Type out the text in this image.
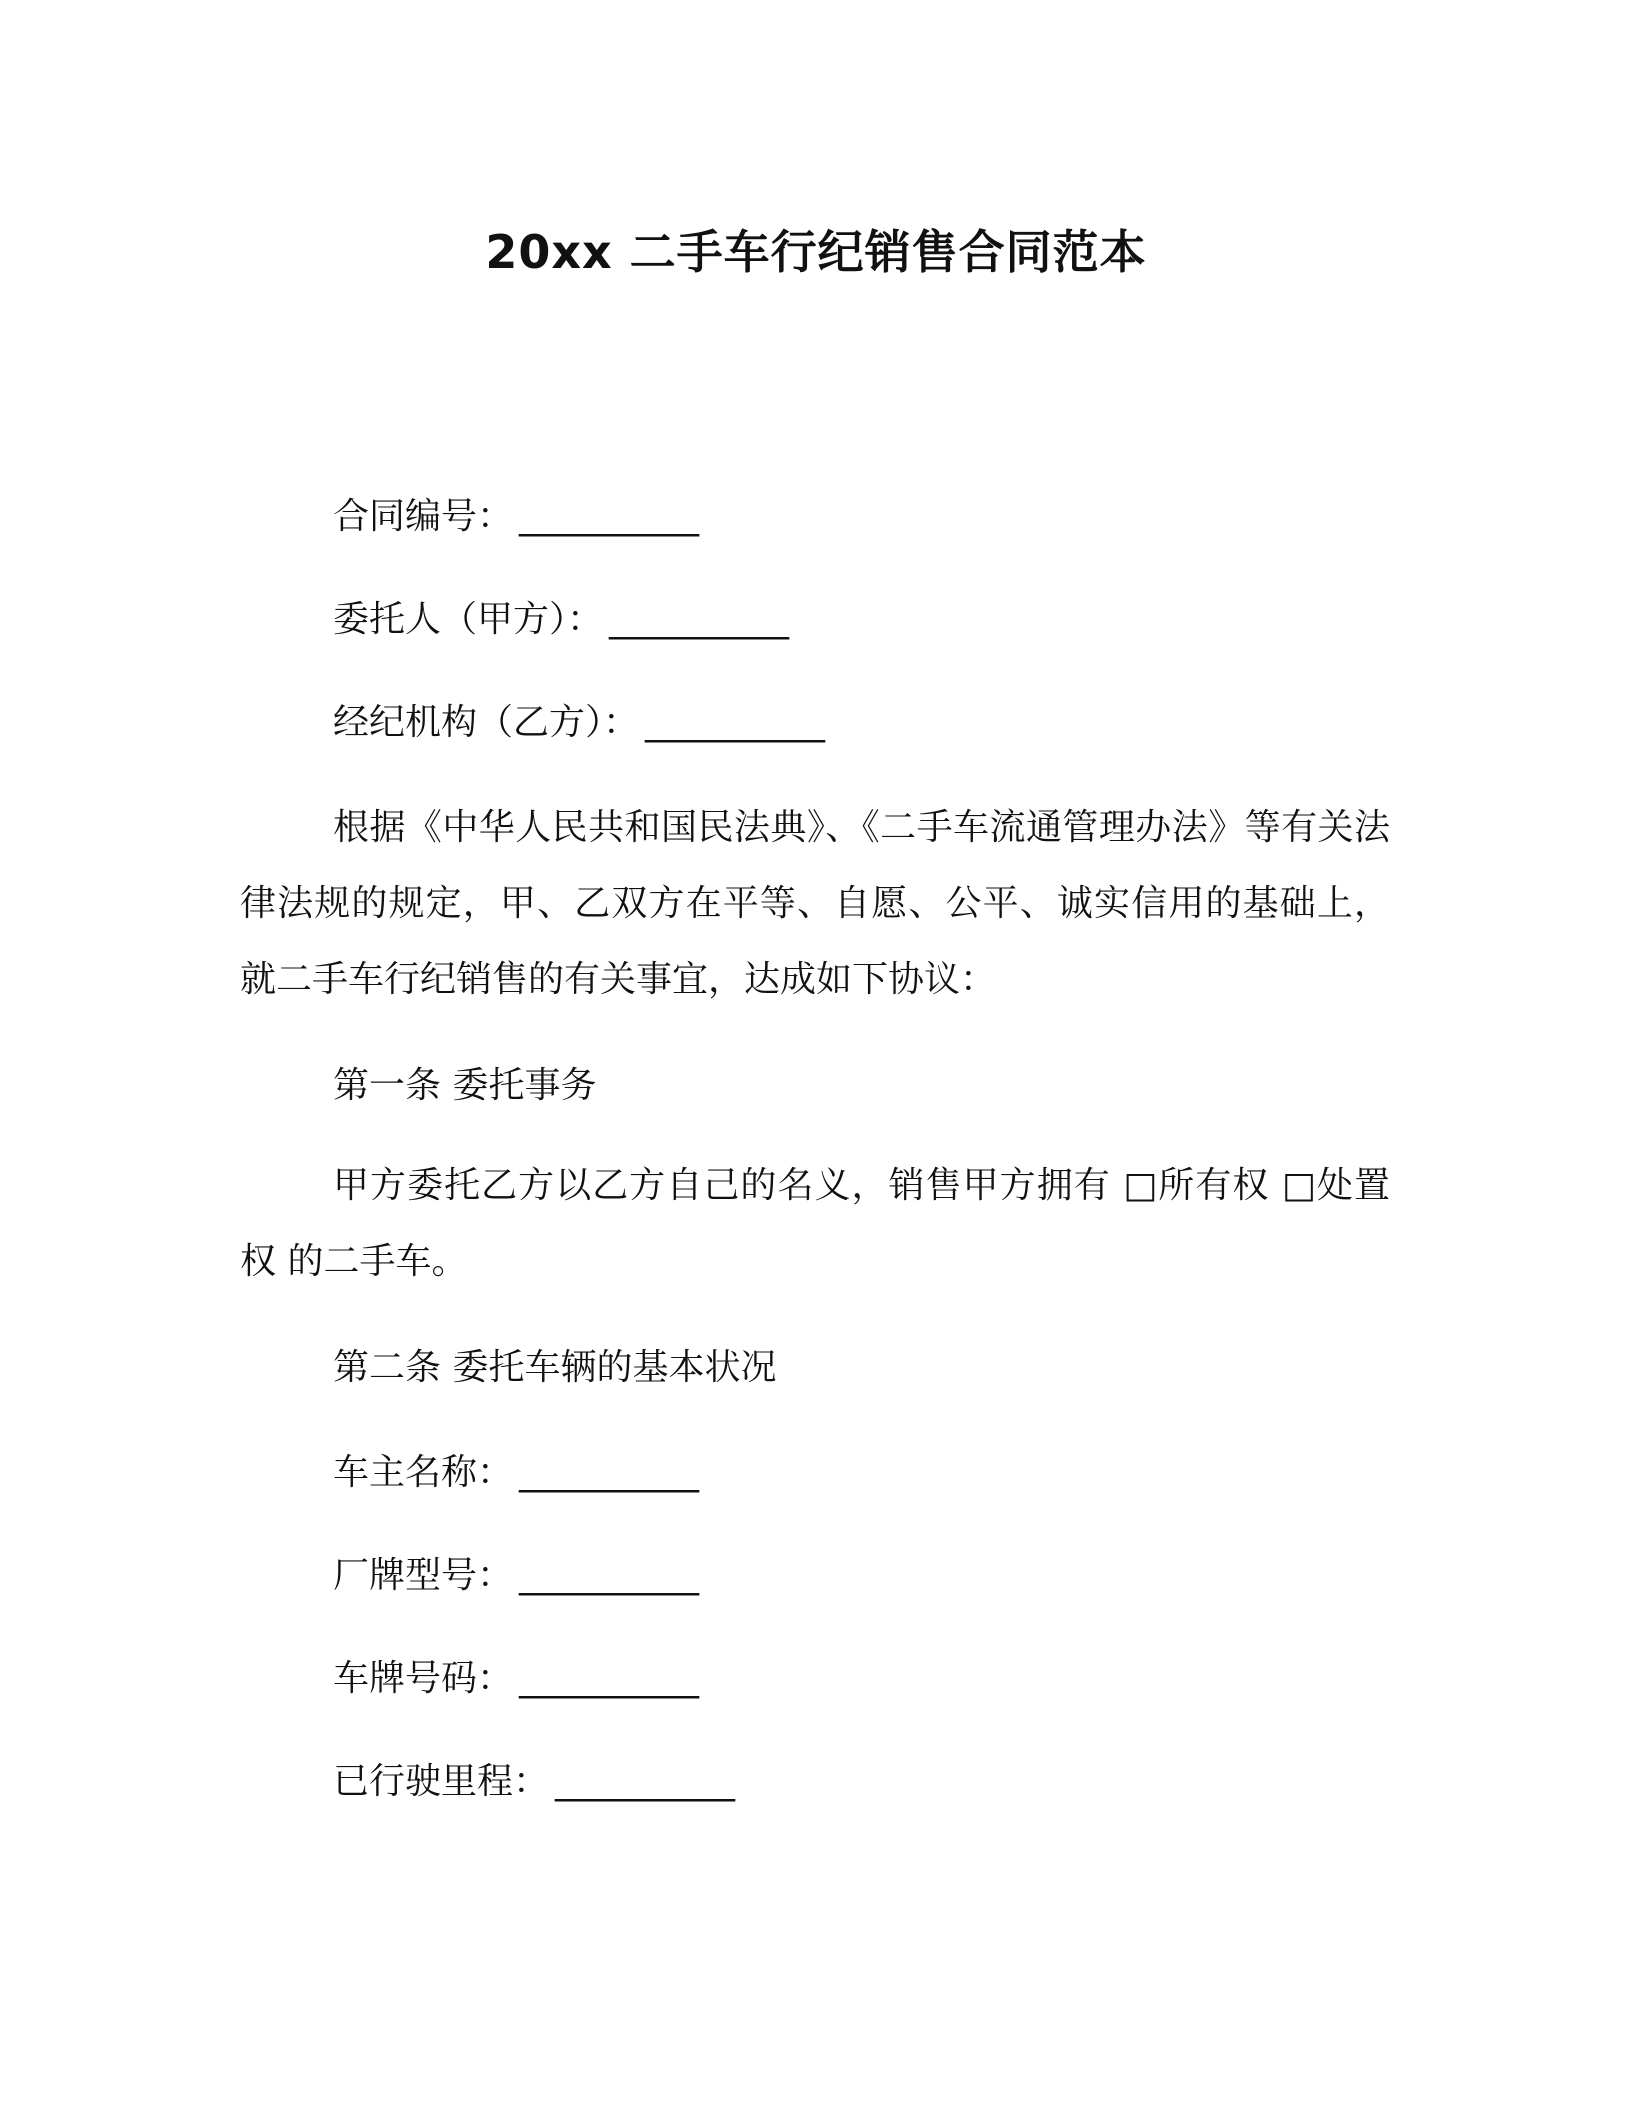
20xx 二手车行纪销售合同范本
合同编号： __________
委托人（甲方）： __________
经纪机构（乙方）： __________
根据《中华人民共和国民法典》、《二手车流通管理办法》等有关法律法规的规定，甲、乙双方在平等、自愿、公平、诚实信用的基础上，就二手车行纪销售的有关事宜，达成如下协议：
第一条 委托事务
甲方委托乙方以乙方自己的名义，销售甲方拥有 □所有权 □处置权 的二手车。
第二条 委托车辆的基本状况
车主名称： __________
厂牌型号： __________
车牌号码： __________
已行驶里程： __________
